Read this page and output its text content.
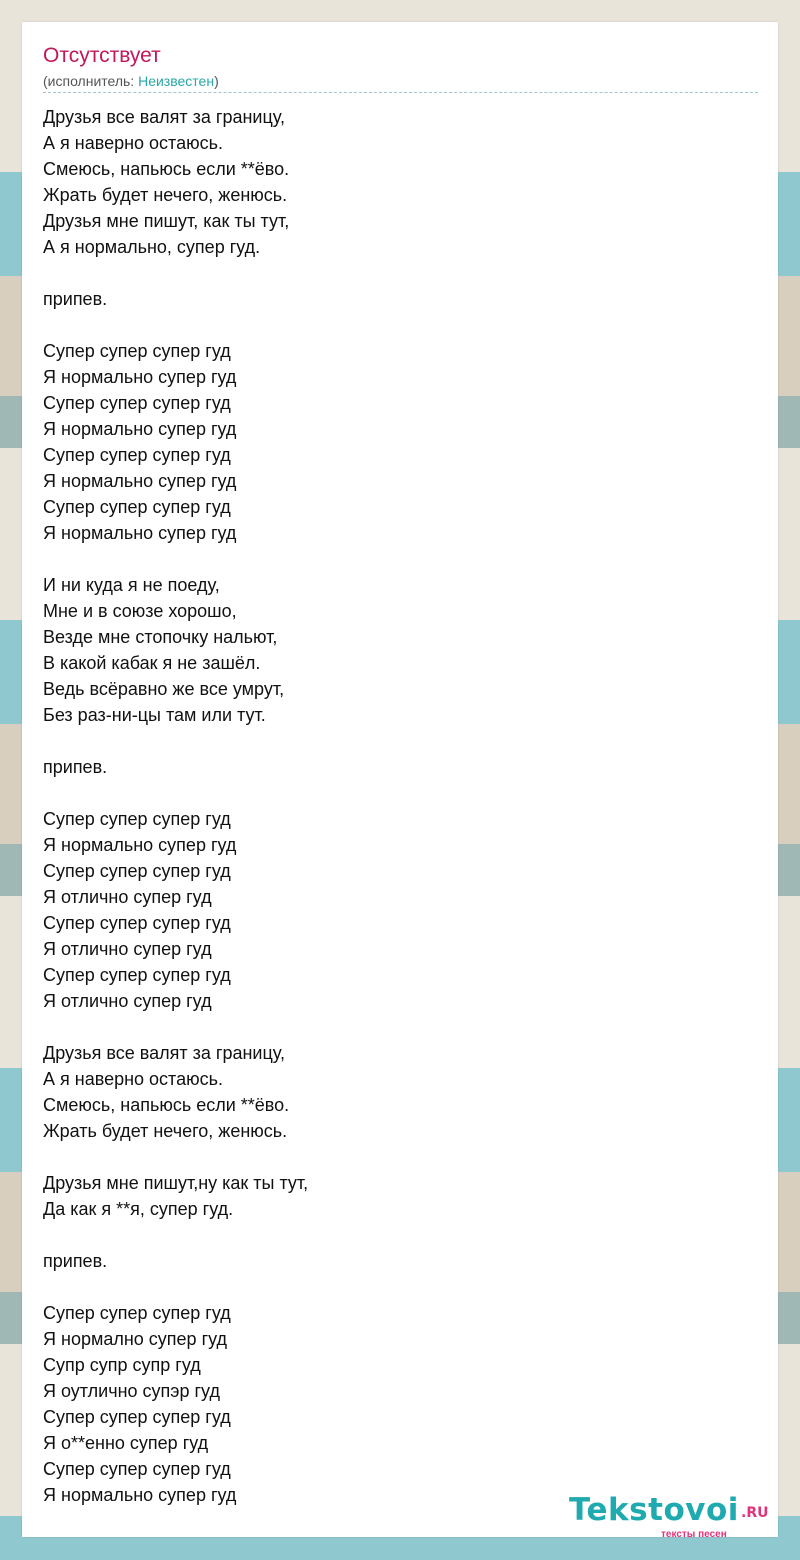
Отсутствует
(исполнитель: Неизвестен)
Друзья все валят за границу,
А я наверно остаюсь.
Смеюсь, напьюсь если **ёво.
Жрать будет нечего, женюсь.
Друзья мне пишут, как ты тут,
А я нормально, супер гуд.
припев.
Супер супер супер гуд
Я нормально супер гуд
Супер супер супер гуд
Я нормально супер гуд
Супер супер супер гуд
Я нормально супер гуд
Супер супер супер гуд
Я нормально супер гуд
И ни куда я не поеду,
Мне и в союзе хорошо,
Везде мне стопочку нальют,
В какой кабак я не зашёл.
Ведь всёравно же все умрут,
Без раз-ни-цы там или тут.
припев.
Супер супер супер гуд
Я нормально супер гуд
Супер супер супер гуд
Я отлично супер гуд
Супер супер супер гуд
Я отлично супер гуд
Супер супер супер гуд
Я отлично супер гуд
Друзья все валят за границу,
А я наверно остаюсь.
Смеюсь, напьюсь если **ёво.
Жрать будет нечего, женюсь.
Друзья мне пишут,ну как ты тут,
Да как я **я, супер гуд.
припев.
Супер супер супер гуд
Я нормално супер гуд
Супр супр супр гуд
Я оутлично супэр гуд
Супер супер супер гуд
Я о**енно супер гуд
Супер супер супер гуд
Я нормально супер гуд	Tekstovoi .RU
тексты песен
